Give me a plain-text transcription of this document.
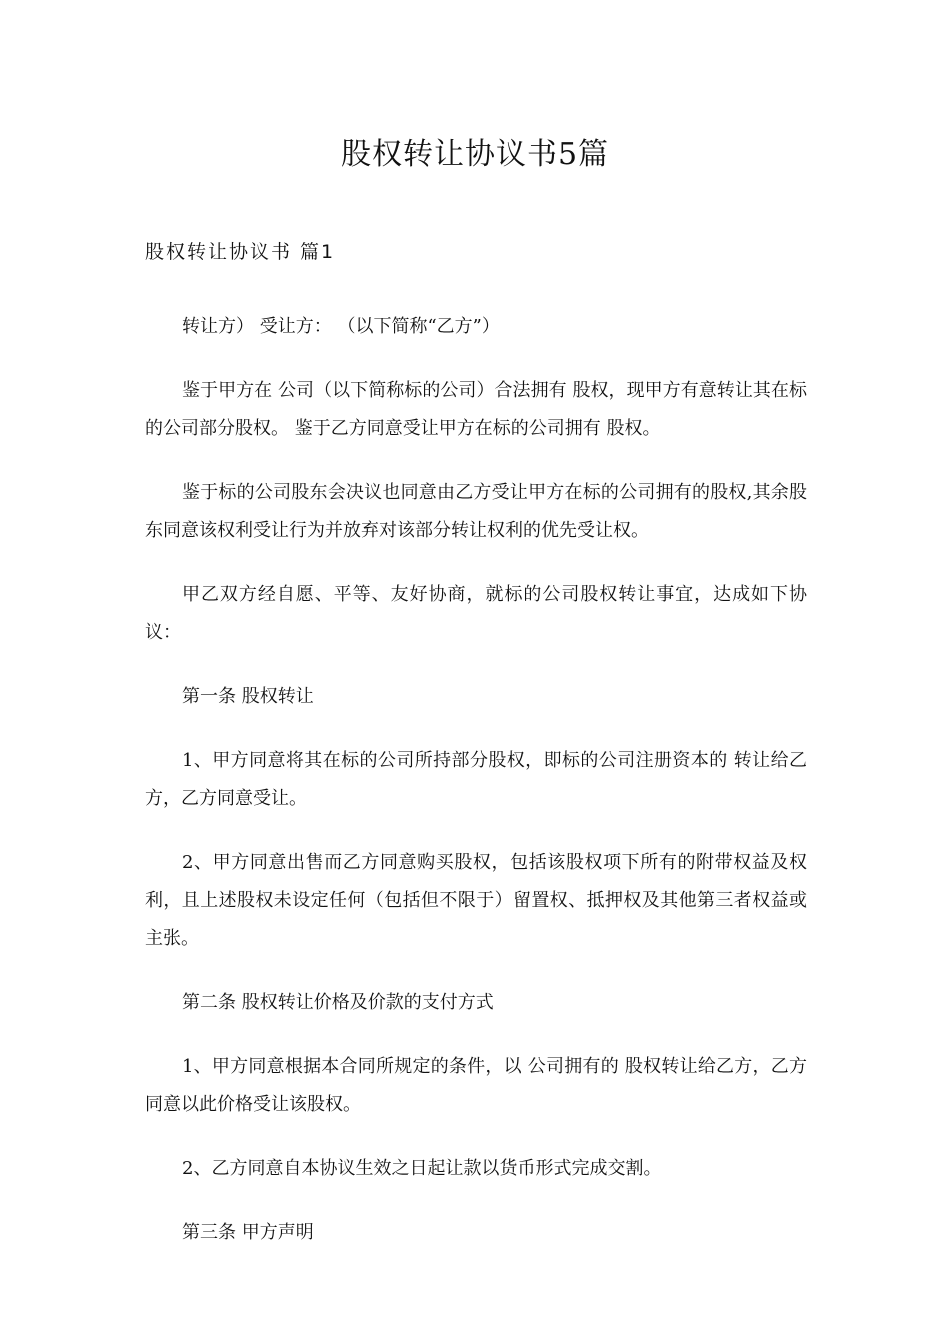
股权转让协议书5篇
股权转让协议书 篇1

转让方） 受让方： （以下简称“乙方”）

鉴于甲方在 公司（以下简称标的公司）合法拥有 股权，现甲方有意转让其在标的公司部分股权。 鉴于乙方同意受让甲方在标的公司拥有 股权。

鉴于标的公司股东会决议也同意由乙方受让甲方在标的公司拥有的股权,其余股东同意该权利受让行为并放弃对该部分转让权利的优先受让权。

甲乙双方经自愿、平等、友好协商，就标的公司股权转让事宜，达成如下协议：

第一条 股权转让

1、甲方同意将其在标的公司所持部分股权，即标的公司注册资本的 转让给乙方，乙方同意受让。

2、甲方同意出售而乙方同意购买股权，包括该股权项下所有的附带权益及权利，且上述股权未设定任何（包括但不限于）留置权、抵押权及其他第三者权益或主张。

第二条 股权转让价格及价款的支付方式

1、甲方同意根据本合同所规定的条件，以 公司拥有的 股权转让给乙方，乙方同意以此价格受让该股权。

2、乙方同意自本协议生效之日起让款以货币形式完成交割。

第三条 甲方声明
